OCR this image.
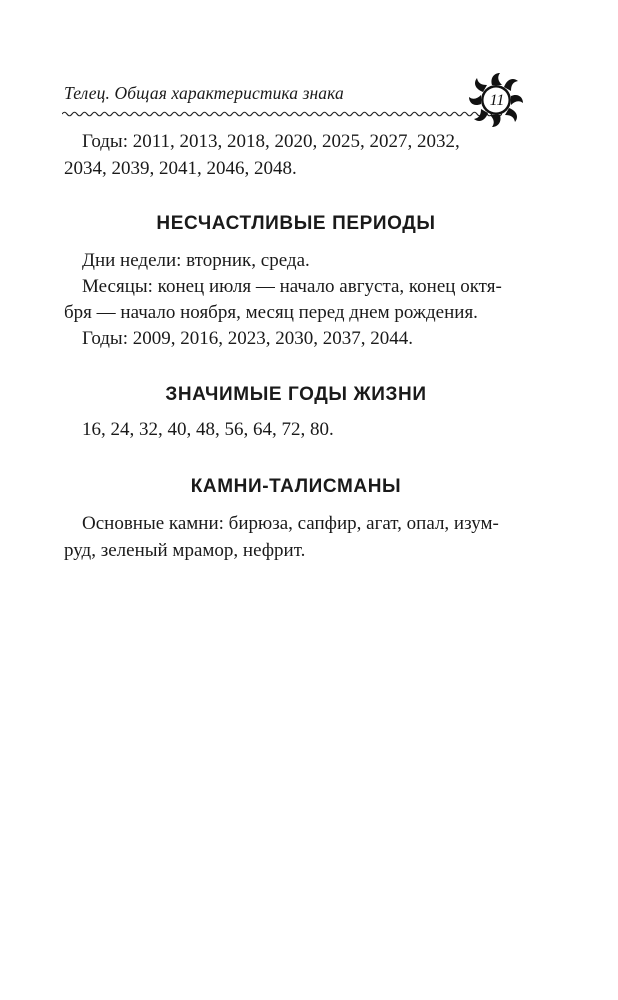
Телец. Общая характеристика знака	11
Годы: 2011, 2013, 2018, 2020, 2025, 2027, 2032,
2034, 2039, 2041, 2046, 2048.
НЕСЧАСТЛИВЫЕ ПЕРИОДЫ
Дни недели: вторник, среда.
Месяцы: конец июля — начало августа, конец октя-
бря — начало ноября, месяц перед днем рождения.
Годы: 2009, 2016, 2023, 2030, 2037, 2044.
ЗНАЧИМЫЕ ГОДЫ ЖИЗНИ
16, 24, 32, 40, 48, 56, 64, 72, 80.
КАМНИ-ТАЛИСМАНЫ
Основные камни: бирюза, сапфир, агат, опал, изум-
руд, зеленый мрамор, нефрит.
